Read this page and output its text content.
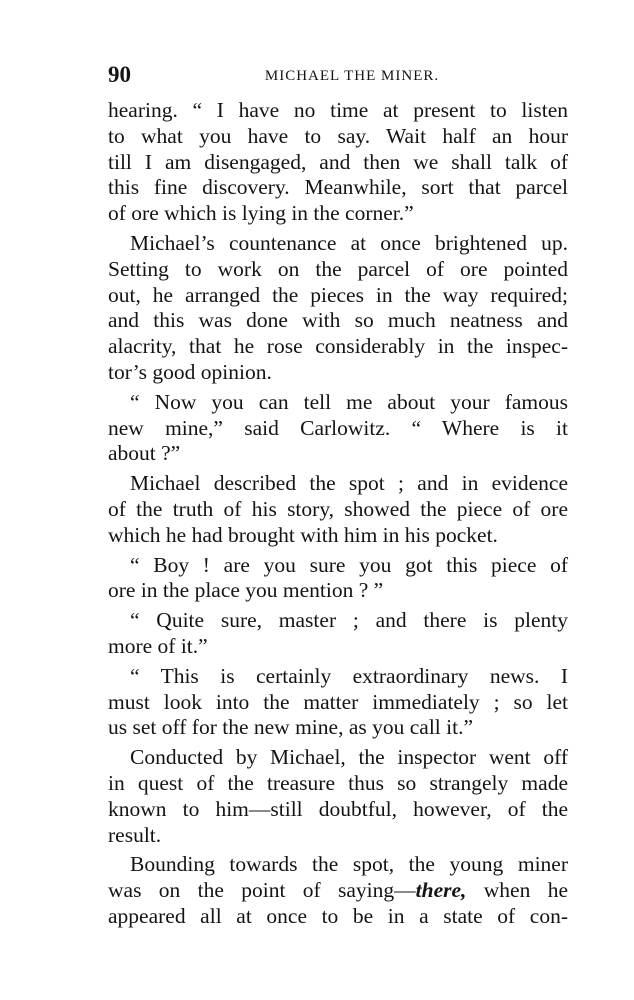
90	MICHAEL THE MINER.

hearing. “ I have no time at present to listen
to what you have to say. Wait half an hour
till I am disengaged, and then we shall talk of
this fine discovery. Meanwhile, sort that parcel
of ore which is lying in the corner.”

Michael’s countenance at once brightened up.
Setting to work on the parcel of ore pointed
out, he arranged the pieces in the way required;
and this was done with so much neatness and
alacrity, that he rose considerably in the inspec-
tor’s good opinion.

“ Now you can tell me about your famous
new mine,” said Carlowitz. “ Where is it
about ?”

Michael described the spot ; and in evidence
of the truth of his story, showed the piece of ore
which he had brought with him in his pocket.

“ Boy ! are you sure you got this piece of
ore in the place you mention ? ”

“ Quite sure, master ; and there is plenty
more of it.”

“ This is certainly extraordinary news. I
must look into the matter immediately ; so let
us set off for the new mine, as you call it.”

Conducted by Michael, the inspector went off
in quest of the treasure thus so strangely made
known to him—still doubtful, however, of the
result.

Bounding towards the spot, the young miner
was on the point of saying—there, when he
appeared all at once to be in a state of con-
